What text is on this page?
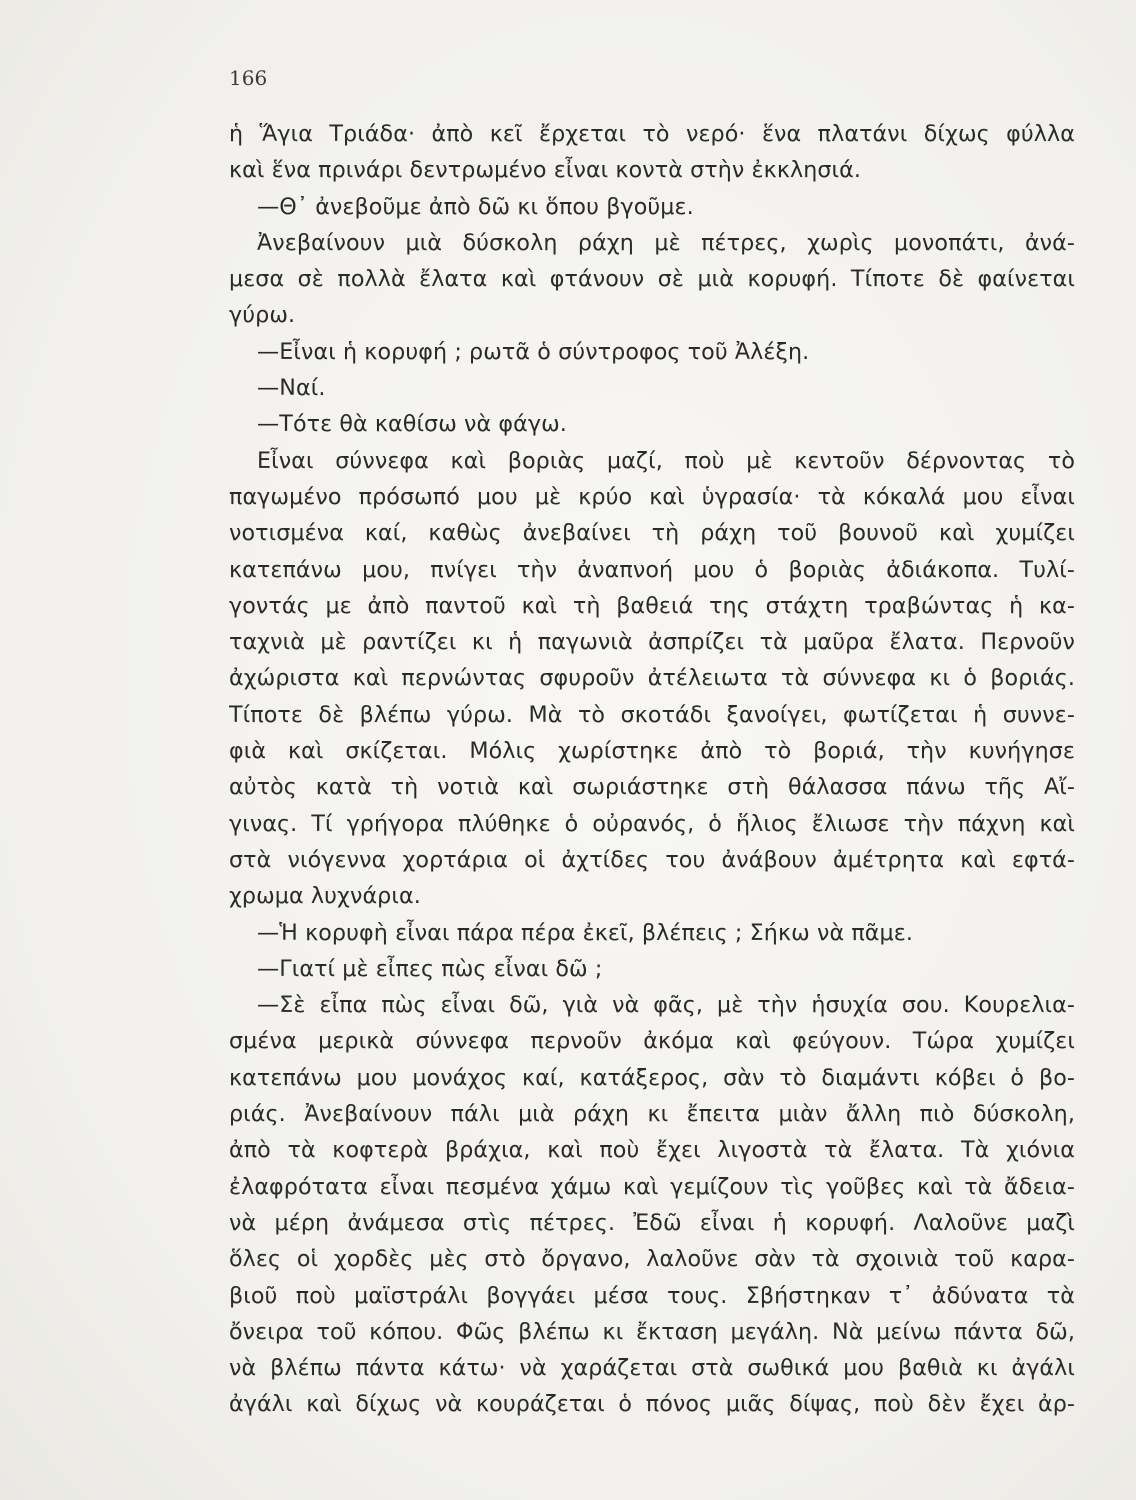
166

ἡ Ἅγια Τριάδα· ἀπὸ κεῖ ἔρχεται τὸ νερό· ἕνα πλατάνι δίχως φύλλα
καὶ ἕνα πρινάρι δεντρωμένο εἶναι κοντὰ στὴν ἐκκλησιά.
—Θ᾽ ἀνεβοῦμε ἀπὸ δῶ κι ὅπου βγοῦμε.
Ἀνεβαίνουν μιὰ δύσκολη ράχη μὲ πέτρες, χωρὶς μονοπάτι, ἀνά-
μεσα σὲ πολλὰ ἔλατα καὶ φτάνουν σὲ μιὰ κορυφή. Τίποτε δὲ φαίνεται
γύρω.
—Εἶναι ἡ κορυφή ; ρωτᾶ ὁ σύντροφος τοῦ Ἀλέξη.
—Ναί.
—Τότε θὰ καθίσω νὰ φάγω.
Εἶναι σύννεφα καὶ βοριὰς μαζί, ποὺ μὲ κεντοῦν δέρνοντας τὸ
παγωμένο πρόσωπό μου μὲ κρύο καὶ ὑγρασία· τὰ κόκαλά μου εἶναι
νοτισμένα καί, καθὼς ἀνεβαίνει τὴ ράχη τοῦ βουνοῦ καὶ χυμίζει
κατεπάνω μου, πνίγει τὴν ἀναπνοή μου ὁ βοριὰς ἀδιάκοπα. Τυλί-
γοντάς με ἀπὸ παντοῦ καὶ τὴ βαθειά της στάχτη τραβώντας ἡ κα-
ταχνιὰ μὲ ραντίζει κι ἡ παγωνιὰ ἀσπρίζει τὰ μαῦρα ἔλατα. Περνοῦν
ἀχώριστα καὶ περνώντας σφυροῦν ἀτέλειωτα τὰ σύννεφα κι ὁ βοριάς.
Τίποτε δὲ βλέπω γύρω. Μὰ τὸ σκοτάδι ξανοίγει, φωτίζεται ἡ συννε-
φιὰ καὶ σκίζεται. Μόλις χωρίστηκε ἀπὸ τὸ βοριά, τὴν κυνήγησε
αὐτὸς κατὰ τὴ νοτιὰ καὶ σωριάστηκε στὴ θάλασσα πάνω τῆς Αἴ-
γινας. Τί γρήγορα πλύθηκε ὁ οὐρανός, ὁ ἥλιος ἔλιωσε τὴν πάχνη καὶ
στὰ νιόγεννα χορτάρια οἱ ἀχτίδες του ἀνάβουν ἀμέτρητα καὶ εφτά-
χρωμα λυχνάρια.
—Ἡ κορυφὴ εἶναι πάρα πέρα ἐκεῖ, βλέπεις ; Σήκω νὰ πᾶμε.
—Γιατί μὲ εἶπες πὼς εἶναι δῶ ;
—Σὲ εἶπα πὼς εἶναι δῶ, γιὰ νὰ φᾶς, μὲ τὴν ἡσυχία σου. Κουρελια-
σμένα μερικὰ σύννεφα περνοῦν ἀκόμα καὶ φεύγουν. Τώρα χυμίζει
κατεπάνω μου μονάχος καί, κατάξερος, σὰν τὸ διαμάντι κόβει ὁ βο-
ριάς. Ἀνεβαίνουν πάλι μιὰ ράχη κι ἔπειτα μιὰν ἄλλη πιὸ δύσκολη,
ἀπὸ τὰ κοφτερὰ βράχια, καὶ ποὺ ἔχει λιγοστὰ τὰ ἔλατα. Τὰ χιόνια
ἐλαφρότατα εἶναι πεσμένα χάμω καὶ γεμίζουν τὶς γοῦβες καὶ τὰ ἄδεια-
νὰ μέρη ἀνάμεσα στὶς πέτρες. Ἐδῶ εἶναι ἡ κορυφή. Λαλοῦνε μαζὶ
ὅλες οἱ χορδὲς μὲς στὸ ὄργανο, λαλοῦνε σὰν τὰ σχοινιὰ τοῦ καρα-
βιοῦ ποὺ μαϊστράλι βογγάει μέσα τους. Σβήστηκαν τ᾽ ἀδύνατα τὰ
ὄνειρα τοῦ κόπου. Φῶς βλέπω κι ἔκταση μεγάλη. Νὰ μείνω πάντα δῶ,
νὰ βλέπω πάντα κάτω· νὰ χαράζεται στὰ σωθικά μου βαθιὰ κι ἀγάλι
ἀγάλι καὶ δίχως νὰ κουράζεται ὁ πόνος μιᾶς δίψας, ποὺ δὲν ἔχει ἀρ-
